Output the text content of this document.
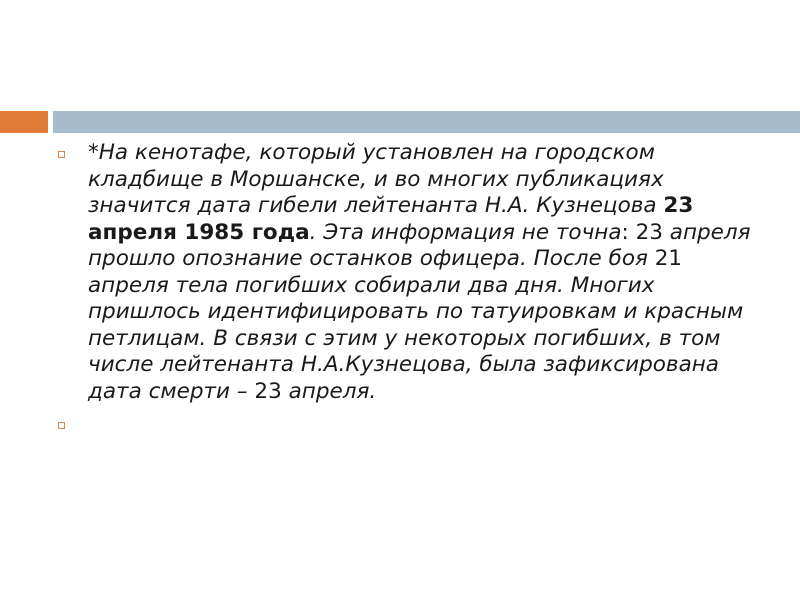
*На кенотафе, который установлен на городском кладбище в Моршанске, и во многих публикациях значится дата гибели лейтенанта Н.А. Кузнецова 23 апреля 1985 года. Эта информация не точна: 23 апреля прошло опознание останков офицера. После боя 21 апреля тела погибших собирали два дня. Многих пришлось идентифицировать по татуировкам и красным петлицам. В связи с этим у некоторых погибших, в том числе лейтенанта Н.А.Кузнецова, была зафиксирована дата смерти – 23 апреля.
